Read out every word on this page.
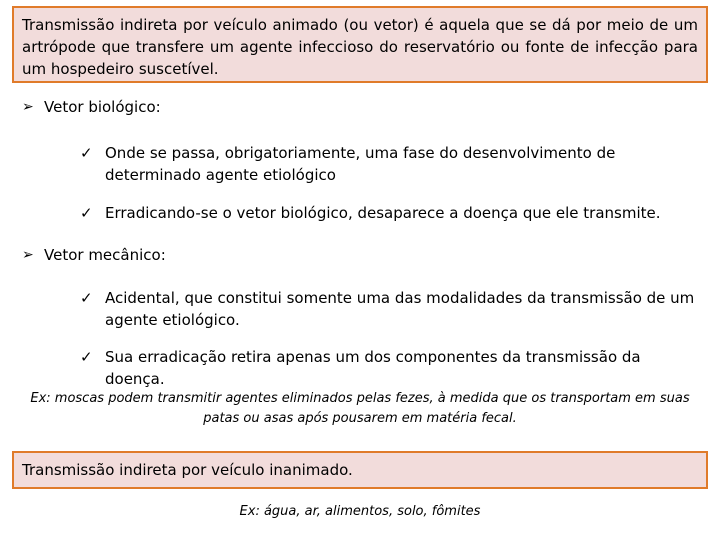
Transmissão indireta por veículo animado (ou vetor) é aquela que se dá por meio de um artrópode que transfere um agente infeccioso do reservatório ou fonte de infecção para um hospedeiro suscetível.
➢ Vetor biológico:
✓ Onde se passa, obrigatoriamente, uma fase do desenvolvimento de determinado agente etiológico
✓ Erradicando-se o vetor biológico, desaparece a doença que ele transmite.
➢ Vetor mecânico:
✓ Acidental, que constitui somente uma das modalidades da transmissão de um agente etiológico.
✓ Sua erradicação retira apenas um dos componentes da transmissão da doença.
Ex: moscas podem transmitir agentes eliminados pelas fezes, à medida que os transportam em suas patas ou asas após pousarem em matéria fecal.
Transmissão indireta por veículo inanimado.
Ex: água, ar, alimentos, solo, fômites
